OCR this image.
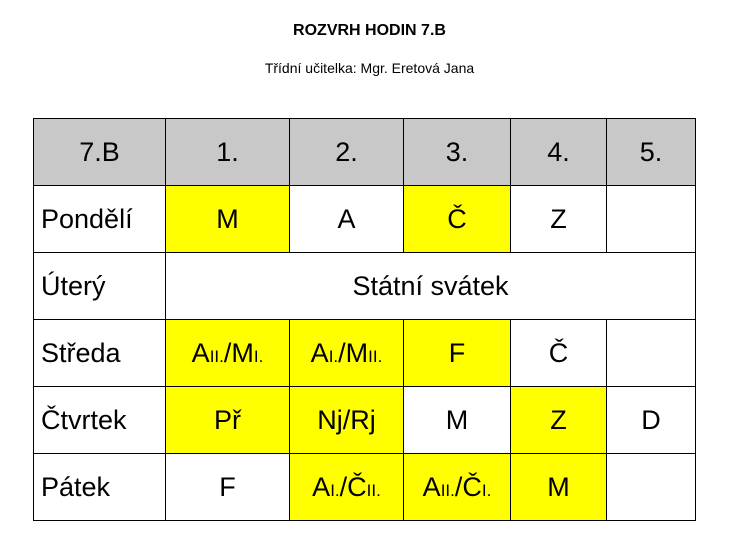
ROZVRH HODIN 7.B
Třídní učitelka: Mgr. Eretová Jana
7.B	1.	2.	3.	4.	5.
Pondělí	M	A	Č	Z	
Úterý	Státní svátek				
Středa	AII./MI.	AI./MII.	F	Č	
Čtvrtek	Př	Nj/Rj	M	Z	D
Pátek	F	AI./ČII.	AII./ČI.	M	
